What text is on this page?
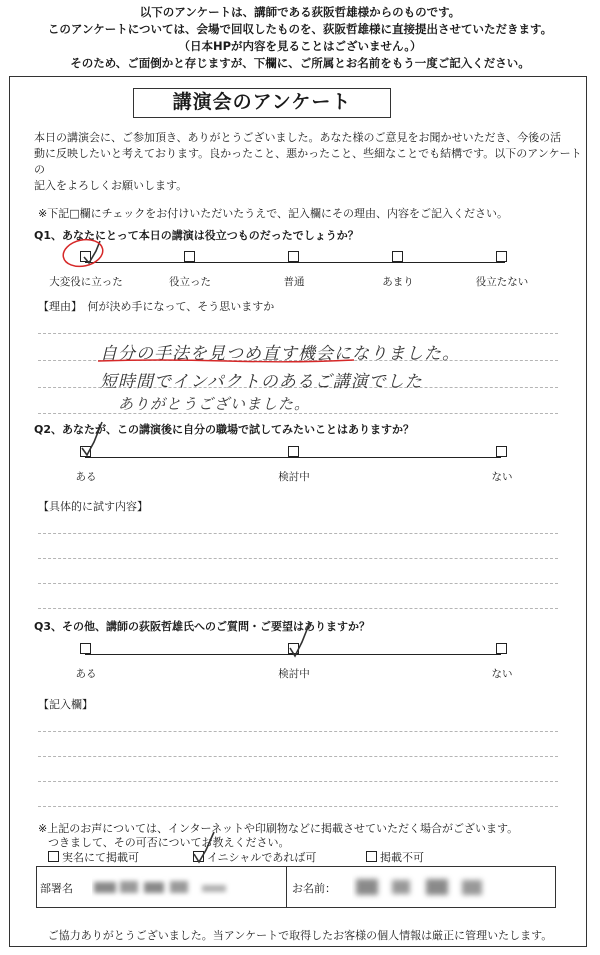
以下のアンケートは、講師である荻阪哲雄様からのものです。
このアンケートについては、会場で回収したものを、荻阪哲雄様に直接提出させていただきます。
（日本HPが内容を見ることはございません。）
そのため、ご面倒かと存じますが、下欄に、ご所属とお名前をもう一度ご記入ください。
講演会のアンケート
本日の講演会に、ご参加頂き、ありがとうございました。あなた様のご意見をお聞かせいただき、今後の活
動に反映したいと考えております。良かったこと、悪かったこと、些細なことでも結構です。以下のアンケートの
記入をよろしくお願いします。
※下記□欄にチェックをお付けいただいたうえで、記入欄にその理由、内容をご記入ください。
Q1、あなたにとって本日の講演は役立つものだったでしょうか？
大変役に立った	役立った	普通	あまり	役立たない
【理由】　何が決め手になって、そう思いますか
自分の手法を見つめ直す機会になりました。
短時間でインパクトのあるご講演でした
ありがとうございました。
Q2、あなたが、この講演後に自分の職場で試してみたいことはありますか？
ある	検討中	ない
【具体的に試す内容】
Q3、その他、講師の荻阪哲雄氏へのご質問・ご要望はありますか？
ある	検討中	ない
【記入欄】
※上記のお声については、インターネットや印刷物などに掲載させていただく場合がございます。
つきまして、その可否についてお教えください。
実名にて掲載可	イニシャルであれば可	掲載不可
部署名	お名前：
ご協力ありがとうございました。当アンケートで取得したお客様の個人情報は厳正に管理いたします。
